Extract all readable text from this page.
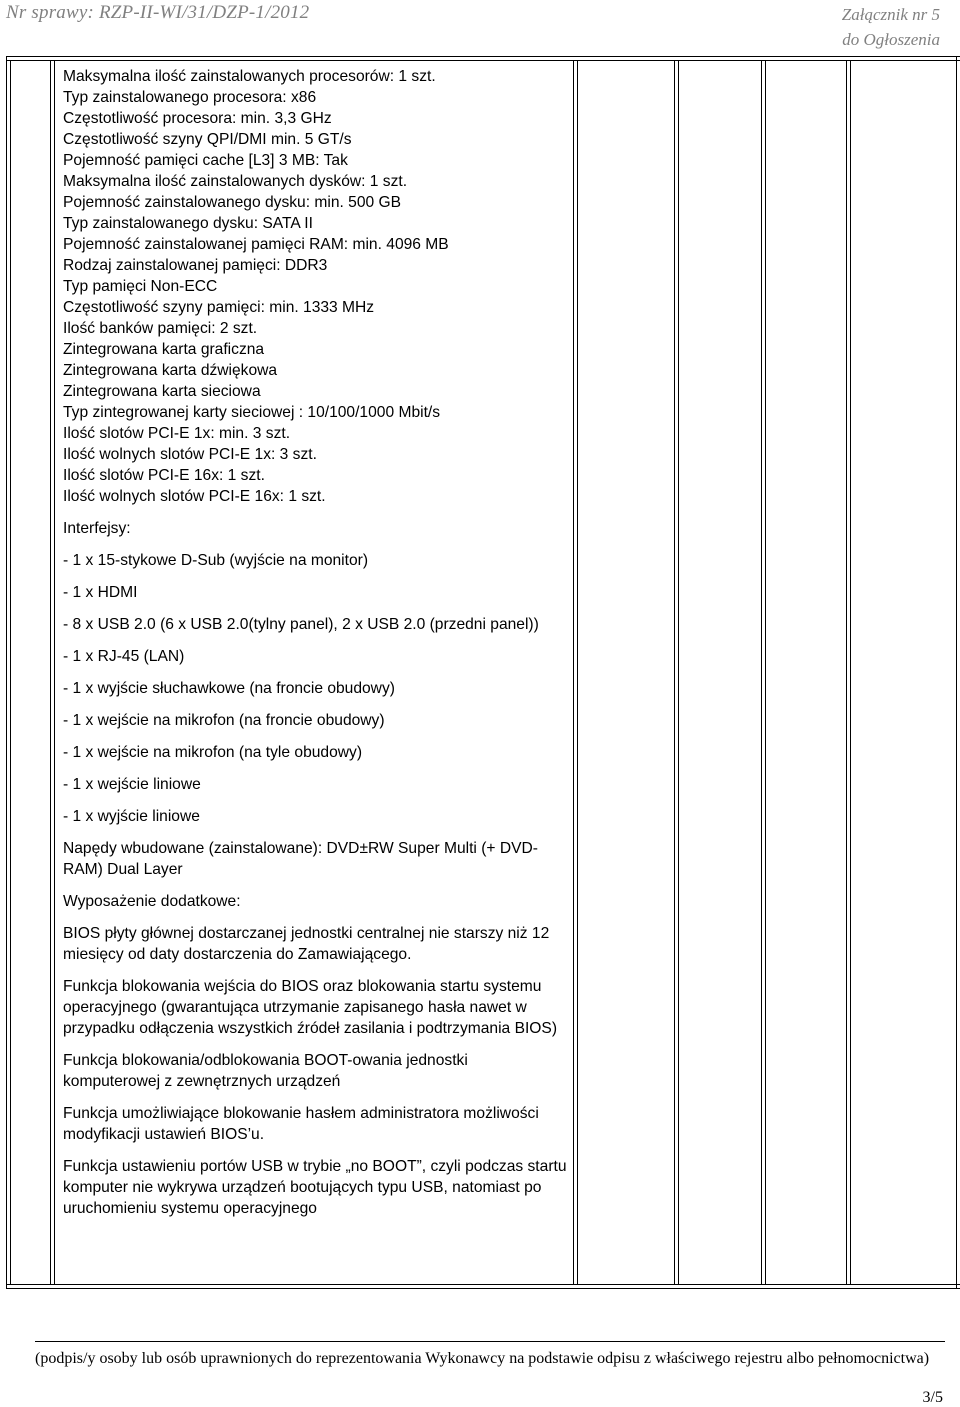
Nr sprawy: RZP-II-WI/31/DZP-1/2012	Załącznik nr 5
do Ogłoszenia
Maksymalna ilość zainstalowanych procesorów: 1 szt.
Typ zainstalowanego procesora: x86
Częstotliwość procesora: min. 3,3 GHz
Częstotliwość szyny QPI/DMI min. 5 GT/s
Pojemność pamięci cache [L3] 3 MB: Tak
Maksymalna ilość zainstalowanych dysków: 1 szt.
Pojemność zainstalowanego dysku: min. 500 GB
Typ zainstalowanego dysku: SATA II
Pojemność zainstalowanej pamięci RAM: min. 4096 MB
Rodzaj zainstalowanej pamięci: DDR3
Typ pamięci Non-ECC
Częstotliwość szyny pamięci: min. 1333 MHz
Ilość banków pamięci: 2 szt.
Zintegrowana karta graficzna
Zintegrowana karta dźwiękowa
Zintegrowana karta sieciowa
Typ zintegrowanej karty sieciowej : 10/100/1000 Mbit/s
Ilość slotów PCI-E 1x: min. 3 szt.
Ilość wolnych slotów PCI-E 1x: 3 szt.
Ilość slotów PCI-E 16x: 1 szt.
Ilość wolnych slotów PCI-E 16x: 1 szt.
Interfejsy:
- 1 x 15-stykowe D-Sub (wyjście na monitor)
- 1 x HDMI
- 8 x USB 2.0 (6 x USB 2.0(tylny panel), 2 x USB 2.0 (przedni panel))
- 1 x RJ-45 (LAN)
- 1 x wyjście słuchawkowe (na froncie obudowy)
- 1 x wejście na mikrofon (na froncie obudowy)
- 1 x wejście na mikrofon (na tyle obudowy)
- 1 x wejście liniowe
- 1 x wyjście liniowe
Napędy wbudowane (zainstalowane): DVD±RW Super Multi (+ DVD-RAM) Dual Layer
Wyposażenie dodatkowe:
BIOS płyty głównej dostarczanej jednostki centralnej nie starszy niż 12 miesięcy od daty dostarczenia do Zamawiającego.
Funkcja blokowania wejścia do BIOS oraz blokowania startu systemu operacyjnego (gwarantująca utrzymanie zapisanego hasła nawet w przypadku odłączenia wszystkich źródeł zasilania i podtrzymania BIOS)
Funkcja blokowania/odblokowania BOOT-owania jednostki komputerowej z zewnętrznych urządzeń
Funkcja umożliwiające blokowanie hasłem administratora możliwości modyfikacji ustawień BIOS’u.
Funkcja ustawieniu portów USB w trybie „no BOOT”, czyli podczas startu komputer nie wykrywa urządzeń bootujących typu USB, natomiast po uruchomieniu systemu operacyjnego
(podpis/y osoby lub osób uprawnionych do reprezentowania Wykonawcy na podstawie odpisu z właściwego rejestru albo pełnomocnictwa)
3/5
